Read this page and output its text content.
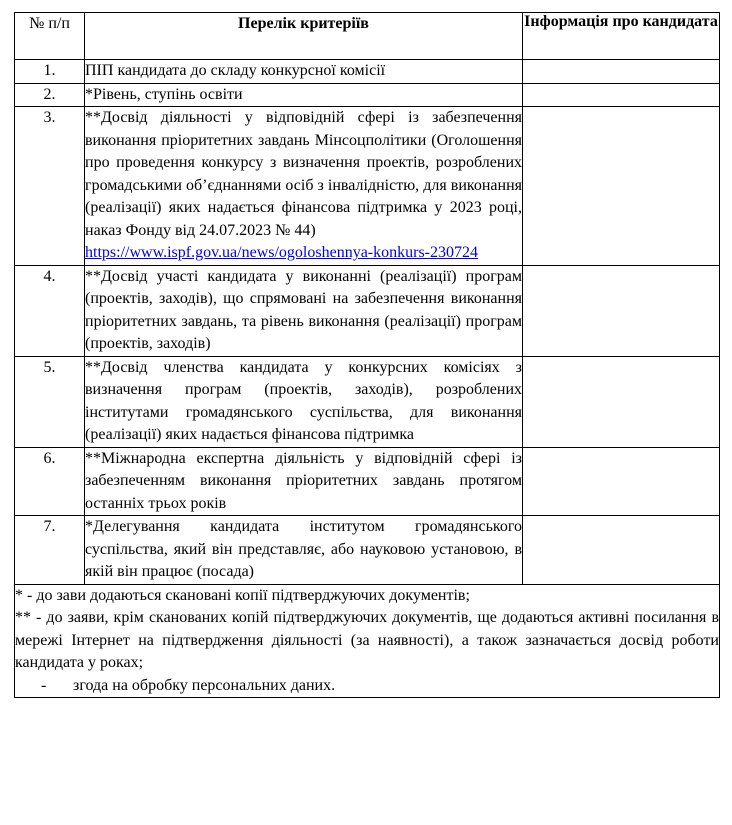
№ п/п	Перелік критеріїв	Інформація про кандидата
1.	ПІП кандидата до складу конкурсної комісії	
2.	*Рівень, ступінь освіти	
3.	**Досвід діяльності у відповідній сфері із забезпечення виконання пріоритетних завдань Мінсоцполітики (Оголошення про проведення конкурсу з визначення проектів, розроблених громадськими об’єднаннями осіб з інвалідністю, для виконання (реалізації) яких надається фінансова підтримка у 2023 році, наказ Фонду від 24.07.2023 № 44)
https://www.ispf.gov.ua/news/ogoloshennya-konkurs-230724	
4.	**Досвід участі кандидата у виконанні (реалізації) програм (проектів, заходів), що спрямовані на забезпечення виконання пріоритетних завдань, та рівень виконання (реалізації) програм (проектів, заходів)	
5.	**Досвід членства кандидата у конкурсних комісіях з визначення програм (проектів, заходів), розроблених інститутами громадянського суспільства, для виконання (реалізації) яких надається фінансова підтримка	
6.	**Міжнародна експертна діяльність у відповідній сфері із забезпеченням виконання пріоритетних завдань протягом останніх трьох років	
7.	*Делегування кандидата інститутом громадянського суспільства, який він представляє, або науковою установою, в якій він працює (посада)	

* - до зави додаються скановані копії підтверджуючих документів;
** - до заяви, крім сканованих копій підтверджуючих документів, ще додаються активні посилання в мережі Інтернет на підтвердження діяльності (за наявності), а також зазначається досвід роботи кандидата у роках;
- згода на обробку персональних даних.		
